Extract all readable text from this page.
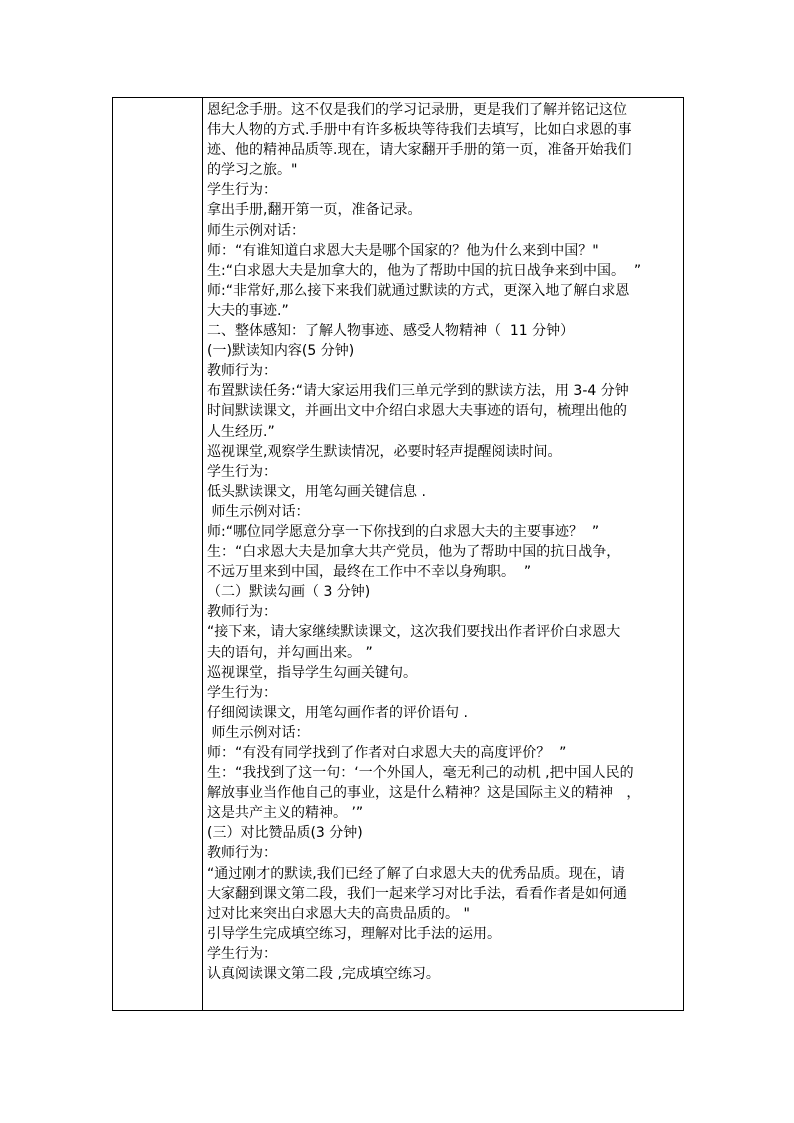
恩纪念手册。这不仅是我们的学习记录册，更是我们了解并铭记这位
伟大人物的方式.手册中有许多板块等待我们去填写，比如白求恩的事
迹、他的精神品质等.现在，请大家翻开手册的第一页，准备开始我们
的学习之旅。"
学生行为：
拿出手册,翻开第一页，准备记录。
师生示例对话：
师：“有谁知道白求恩大夫是哪个国家的？他为什么来到中国？"
生:“白求恩大夫是加拿大的，他为了帮助中国的抗日战争来到中国。  ”
师:“非常好,那么接下来我们就通过默读的方式，更深入地了解白求恩
大夫的事迹.”
二、整体感知：了解人物事迹、感受人物精神（  11 分钟）
(一)默读知内容(5 分钟)
教师行为：
布置默读任务:“请大家运用我们三单元学到的默读方法，用 3-4 分钟
时间默读课文，并画出文中介绍白求恩大夫事迹的语句，梳理出他的
人生经历.”
巡视课堂,观察学生默读情况，必要时轻声提醒阅读时间。
学生行为：
低头默读课文，用笔勾画关键信息 .
师生示例对话：
师:“哪位同学愿意分享一下你找到的白求恩大夫的主要事迹？  ”
生：“白求恩大夫是加拿大共产党员，他为了帮助中国的抗日战争，
不远万里来到中国，最终在工作中不幸以身殉职。  ”
（二）默读勾画（ 3 分钟)
教师行为：
“接下来，请大家继续默读课文，这次我们要找出作者评价白求恩大
夫的语句，并勾画出来。 ”
巡视课堂，指导学生勾画关键句。
学生行为：
仔细阅读课文，用笔勾画作者的评价语句 .
师生示例对话：
师：“有没有同学找到了作者对白求恩大夫的高度评价？  ”
生：“我找到了这一句：‘一个外国人，毫无利己的动机 ,把中国人民的
解放事业当作他自己的事业，这是什么精神？这是国际主义的精神   ，
这是共产主义的精神。 ’”
(三）对比赞品质(3 分钟)
教师行为：
“通过刚才的默读,我们已经了解了白求恩大夫的优秀品质。现在，请
大家翻到课文第二段，我们一起来学习对比手法，看看作者是如何通
过对比来突出白求恩大夫的高贵品质的。 "
引导学生完成填空练习，理解对比手法的运用。
学生行为：
认真阅读课文第二段 ,完成填空练习。
